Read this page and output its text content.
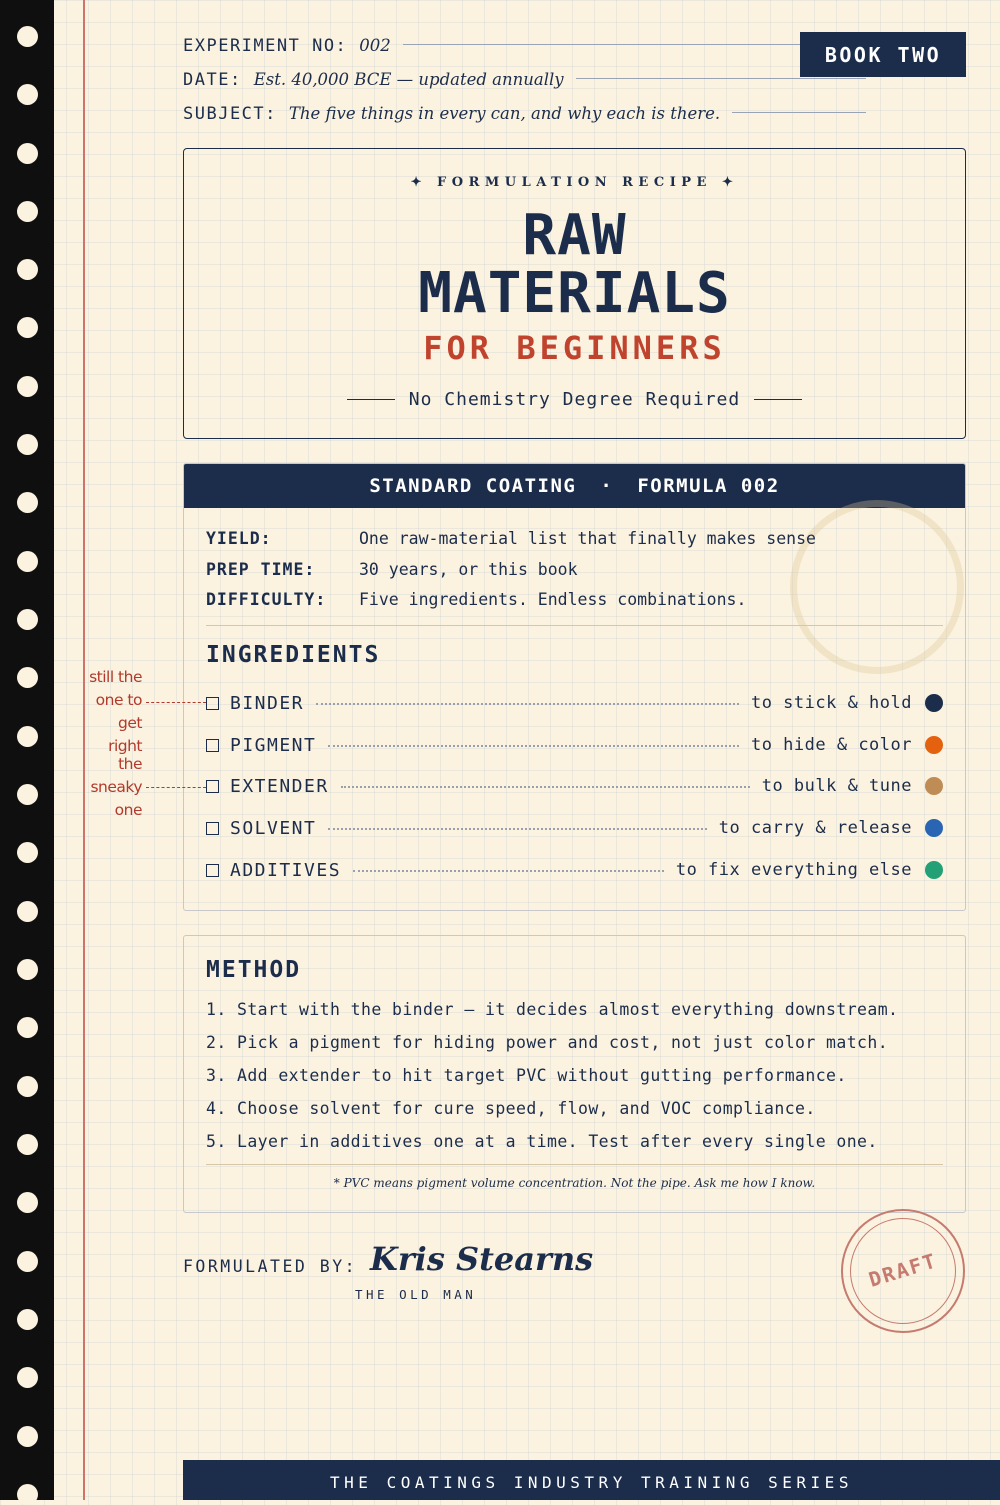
EXPERIMENT NO: 002
DATE: Est. 40,000 BCE — updated annually
SUBJECT: The five things in every can, and why each is there.
BOOK TWO
✦ FORMULATION RECIPE ✦
RAW
MATERIALS
FOR BEGINNERS
No Chemistry Degree Required
STANDARD COATING · FORMULA 002
YIELD:	One raw-material list that finally makes sense
PREP TIME:	30 years, or this book
DIFFICULTY:	Five ingredients. Endless combinations.
INGREDIENTS
BINDER	to stick & hold
PIGMENT	to hide & color
EXTENDER	to bulk & tune
SOLVENT	to carry & release
ADDITIVES	to fix everything else
still the
one to
get right
the
sneaky
one
METHOD
1. Start with the binder — it decides almost everything downstream.
2. Pick a pigment for hiding power and cost, not just color match.
3. Add extender to hit target PVC without gutting performance.
4. Choose solvent for cure speed, flow, and VOC compliance.
5. Layer in additives one at a time. Test after every single one.
* PVC means pigment volume concentration. Not the pipe. Ask me how I know.
FORMULATED BY: Kris Stearns
THE OLD MAN
DRAFT
THE COATINGS INDUSTRY TRAINING SERIES
